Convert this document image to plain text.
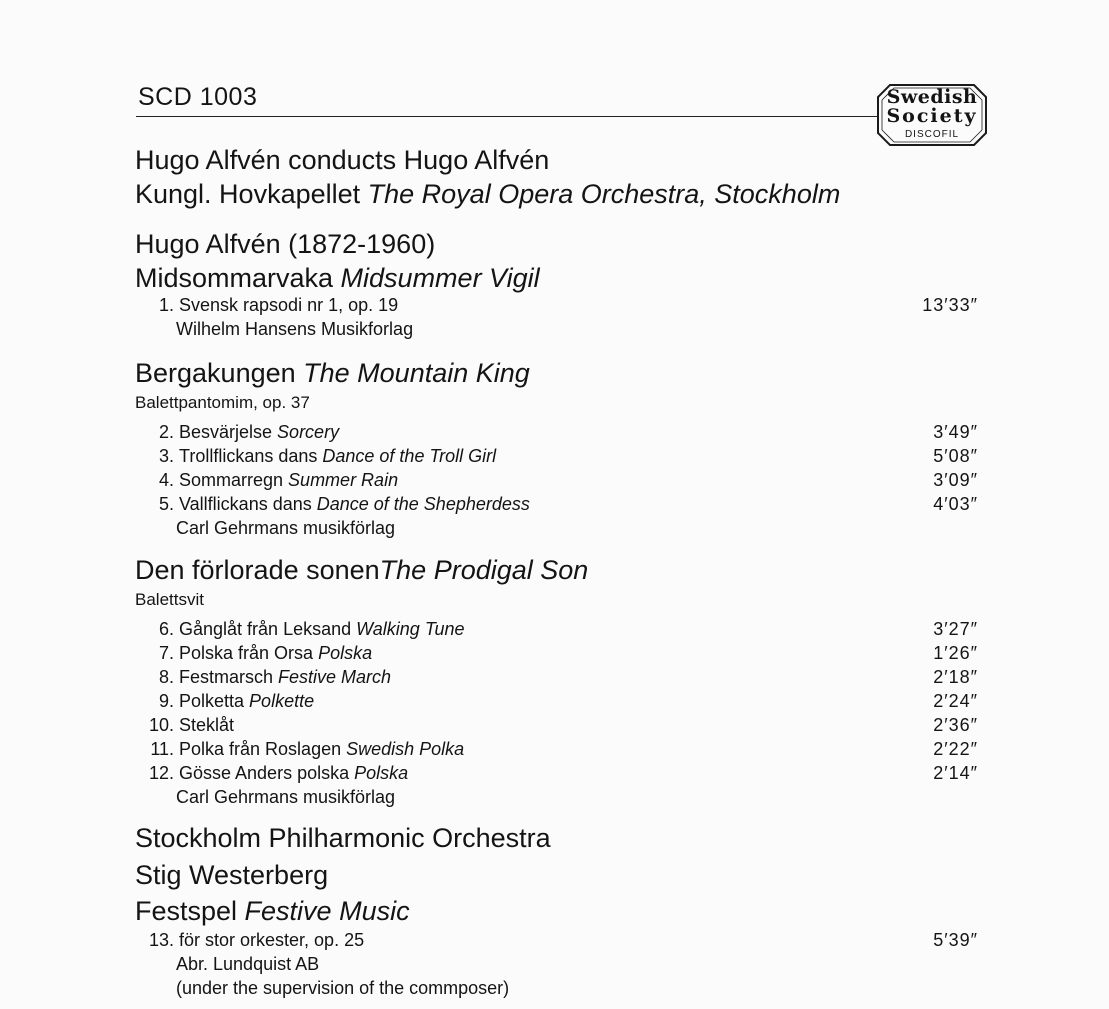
SCD 1003	Swedish
Society
DISCOFIL
Hugo Alfvén conducts Hugo Alfvén
Kungl. Hovkapellet The Royal Opera Orchestra, Stockholm
Hugo Alfvén (1872-1960)
Midsommarvaka Midsummer Vigil
1. Svensk rapsodi nr 1, op. 19	13′33″
Wilhelm Hansens Musikforlag
Bergakungen The Mountain King
Balettpantomim, op. 37
2. Besvärjelse Sorcery	3′49″
3. Trollflickans dans Dance of the Troll Girl	5′08″
4. Sommarregn Summer Rain	3′09″
5. Vallflickans dans Dance of the Shepherdess	4′03″
Carl Gehrmans musikförlag
Den förlorade sonenThe Prodigal Son
Balettsvit
6. Gånglåt från Leksand Walking Tune	3′27″
7. Polska från Orsa Polska	1′26″
8. Festmarsch Festive March	2′18″
9. Polketta Polkette	2′24″
10. Steklåt	2′36″
11. Polka från Roslagen Swedish Polka	2′22″
12. Gösse Anders polska Polska	2′14″
Carl Gehrmans musikförlag
Stockholm Philharmonic Orchestra
Stig Westerberg
Festspel Festive Music
13. för stor orkester, op. 25	5′39″
Abr. Lundquist AB
(under the supervision of the commposer)
